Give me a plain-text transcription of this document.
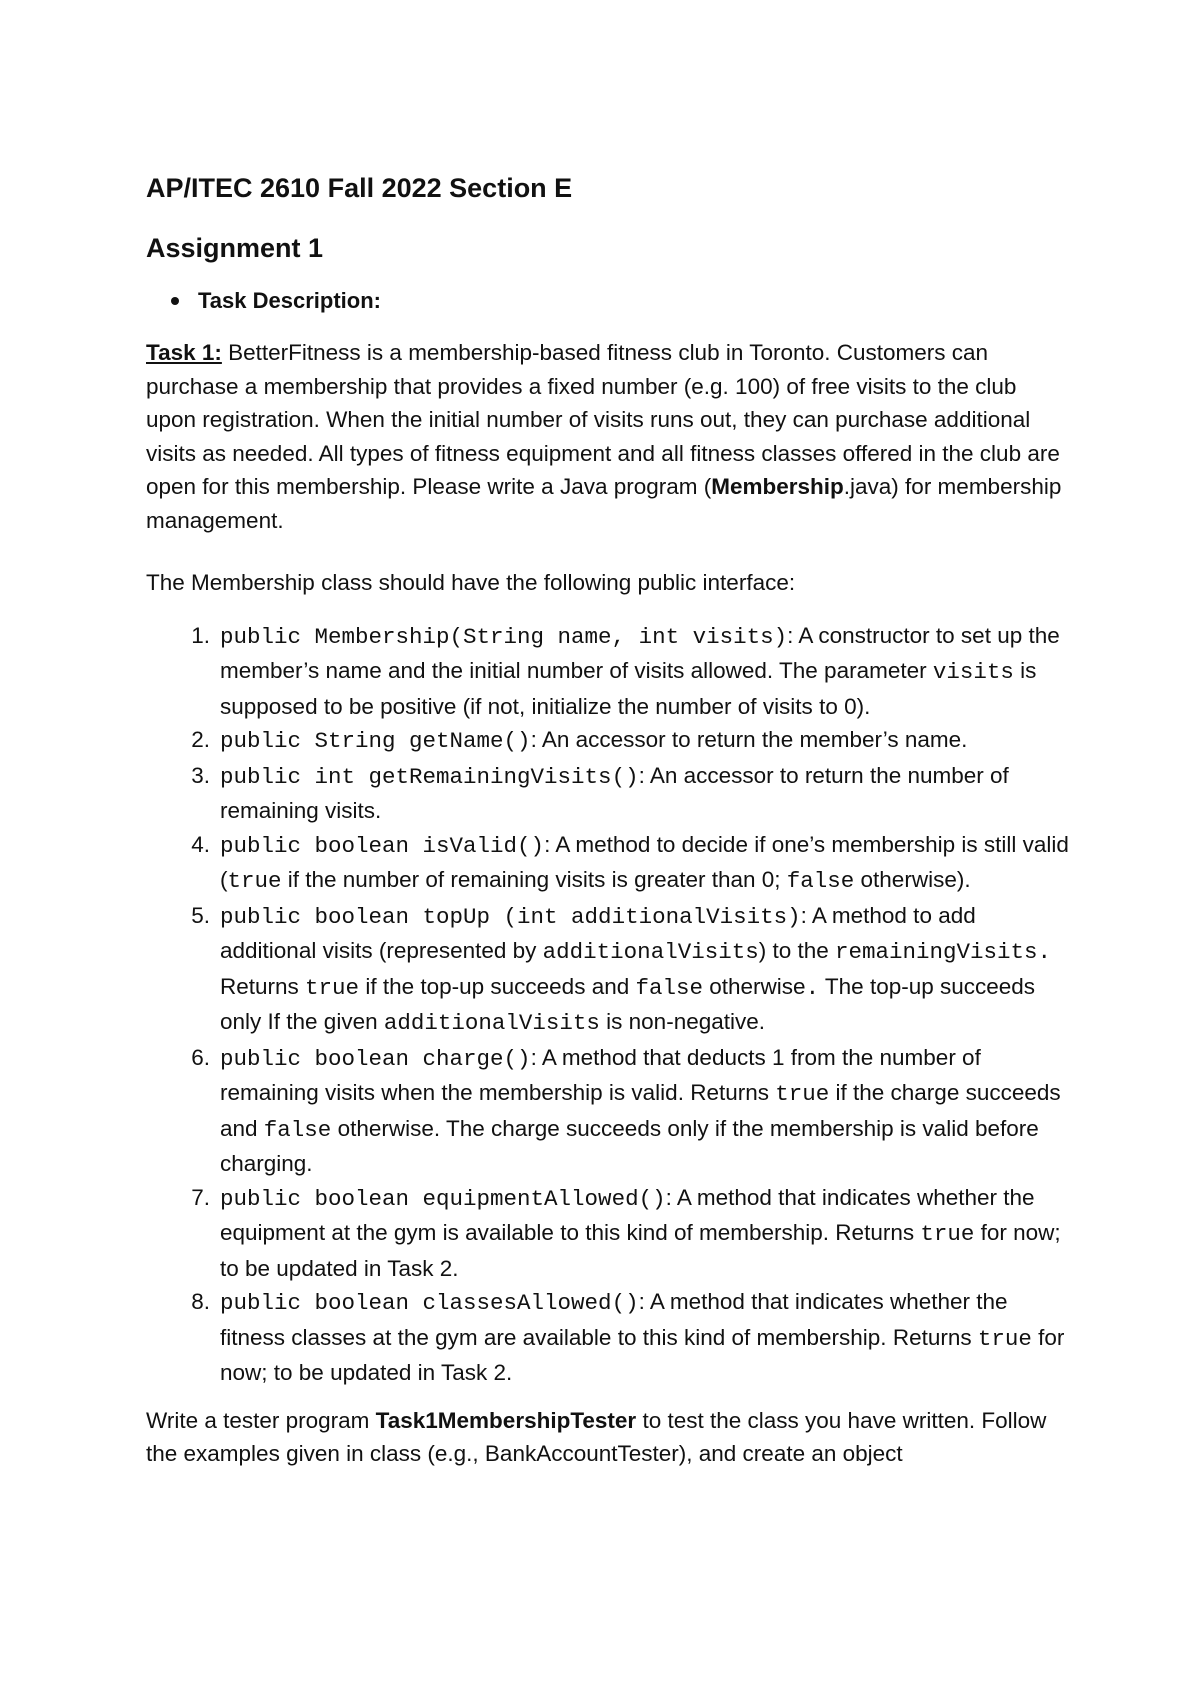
AP/ITEC 2610 Fall 2022 Section E
Assignment 1
Task Description:

Task 1: BetterFitness is a membership-based fitness club in Toronto. Customers can purchase a membership that provides a fixed number (e.g. 100) of free visits to the club upon registration. When the initial number of visits runs out, they can purchase additional visits as needed. All types of fitness equipment and all fitness classes offered in the club are open for this membership. Please write a Java program (Membership.java) for membership management.

The Membership class should have the following public interface:

1. public Membership(String name, int visits): A constructor to set up the member’s name and the initial number of visits allowed. The parameter visits is supposed to be positive (if not, initialize the number of visits to 0).
2. public String getName(): An accessor to return the member’s name.
3. public int getRemainingVisits(): An accessor to return the number of remaining visits.
4. public boolean isValid(): A method to decide if one’s membership is still valid (true if the number of remaining visits is greater than 0; false otherwise).
5. public boolean topUp (int additionalVisits): A method to add additional visits (represented by additionalVisits) to the remainingVisits. Returns true if the top-up succeeds and false otherwise. The top-up succeeds only If the given additionalVisits is non-negative.
6. public boolean charge(): A method that deducts 1 from the number of remaining visits when the membership is valid. Returns true if the charge succeeds and false otherwise. The charge succeeds only if the membership is valid before charging.
7. public boolean equipmentAllowed(): A method that indicates whether the equipment at the gym is available to this kind of membership. Returns true for now; to be updated in Task 2.
8. public boolean classesAllowed(): A method that indicates whether the fitness classes at the gym are available to this kind of membership. Returns true for now; to be updated in Task 2.

Write a tester program Task1MembershipTester to test the class you have written. Follow the examples given in class (e.g., BankAccountTester), and create an object
